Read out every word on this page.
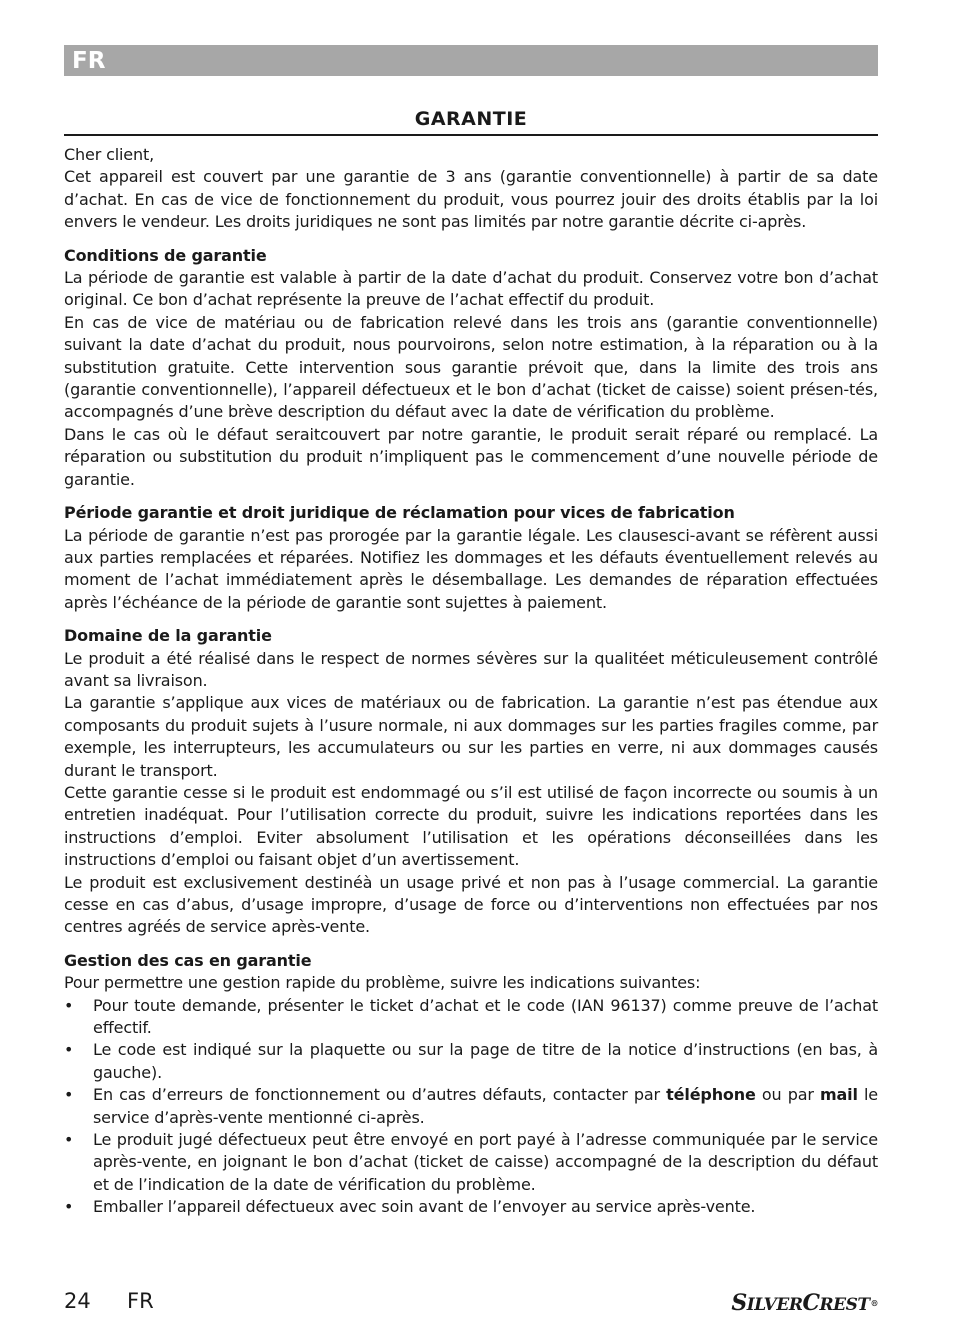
FR
GARANTIE

Cher client,

Cet appareil est couvert par une garantie de 3 ans (garantie conventionnelle) à partir de sa date d’achat. En cas de vice de fonctionnement du produit, vous pourrez jouir des droits établis par la loi envers le vendeur. Les droits juridiques ne sont pas limités par notre garantie décrite ci-après.

Conditions de garantie

La période de garantie est valable à partir de la date d’achat du produit. Conservez votre bon d’achat original. Ce bon d’achat représente la preuve de l’achat effectif du produit.

En cas de vice de matériau ou de fabrication relevé dans les trois ans (garantie conventionnelle) suivant la date d’achat du produit, nous pourvoirons, selon notre estimation, à la réparation ou à la substitution gratuite. Cette intervention sous garantie prévoit que, dans la limite des trois ans (garantie conventionnelle), l’appareil défectueux et le bon d’achat (ticket de caisse) soient présen-tés, accompagnés d’une brève description du défaut avec la date de vérification du problème.

Dans le cas où le défaut seraitcouvert par notre garantie, le produit serait réparé ou remplacé. La réparation ou substitution du produit n’impliquent pas le commencement d’une nouvelle période de garantie.

Période garantie et droit juridique de réclamation pour vices de fabrication

La période de garantie n’est pas prorogée par la garantie légale. Les clausesci-avant se réfèrent aussi aux parties remplacées et réparées. Notifiez les dommages et les défauts éventuellement relevés au moment de l’achat immédiatement après le désemballage. Les demandes de réparation effectuées après l’échéance de la période de garantie sont sujettes à paiement.

Domaine de la garantie

Le produit a été réalisé dans le respect de normes sévères sur la qualitéet méticuleusement contrôlé avant sa livraison.

La garantie s’applique aux vices de matériaux ou de fabrication. La garantie n’est pas étendue aux composants du produit sujets à l’usure normale, ni aux dommages sur les parties fragiles comme, par exemple, les interrupteurs, les accumulateurs ou sur les parties en verre, ni aux dommages causés durant le transport.

Cette garantie cesse si le produit est endommagé ou s’il est utilisé de façon incorrecte ou soumis à un entretien inadéquat. Pour l’utilisation correcte du produit, suivre les indications reportées dans les instructions d’emploi. Eviter absolument l’utilisation et les opérations déconseillées dans les instructions d’emploi ou faisant objet d’un avertissement.

Le produit est exclusivement destinéà un usage privé et non pas à l’usage commercial. La garantie cesse en cas d’abus, d’usage impropre, d’usage de force ou d’interventions non effectuées par nos centres agréés de service après-vente.

Gestion des cas en garantie

Pour permettre une gestion rapide du problème, suivre les indications suivantes:

• Pour toute demande, présenter le ticket d’achat et le code (IAN 96137) comme preuve de l’achat effectif.
• Le code est indiqué sur la plaquette ou sur la page de titre de la notice d’instructions (en bas, à gauche).
• En cas d’erreurs de fonctionnement ou d’autres défauts, contacter par téléphone ou par mail le service d’après-vente mentionné ci-après.
• Le produit jugé défectueux peut être envoyé en port payé à l’adresse communiquée par le service après-vente, en joignant le bon d’achat (ticket de caisse) accompagné de la description du défaut et de l’indication de la date de vérification du problème.
• Emballer l’appareil défectueux avec soin avant de l’envoyer au service après-vente.
24 FR	SILVERCREST®
